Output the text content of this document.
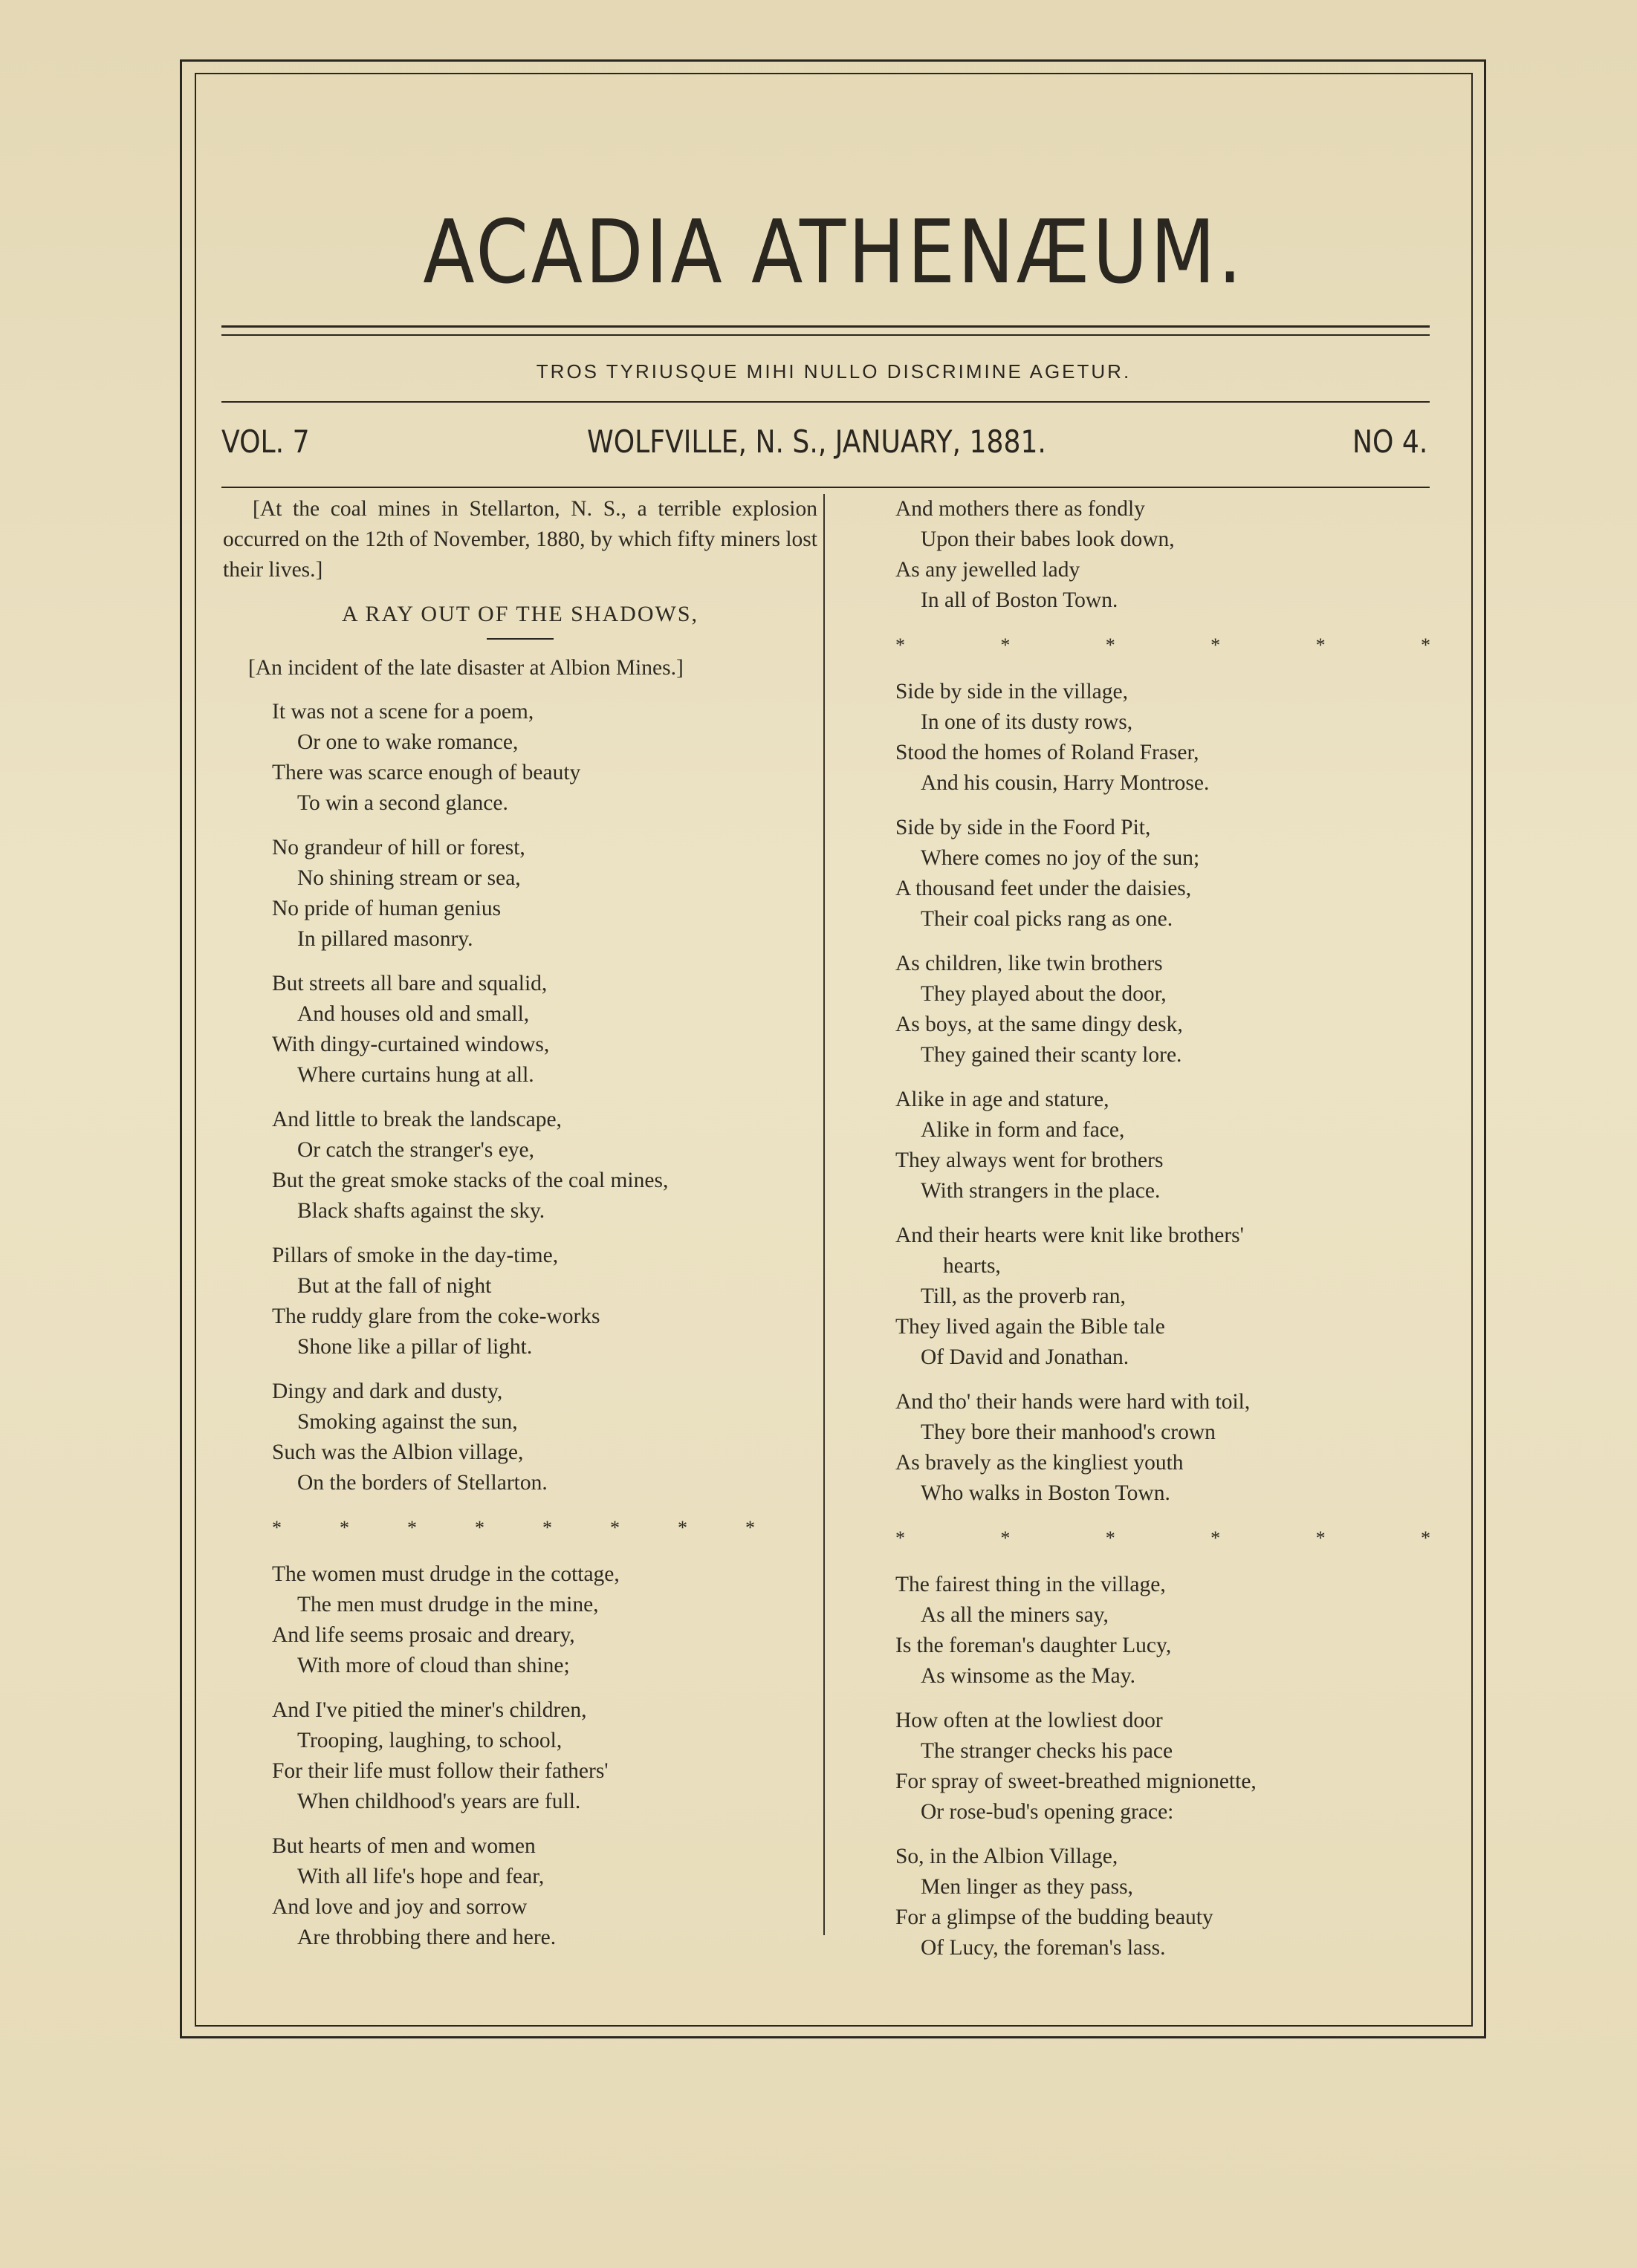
ACADIA ATHENÆUM.
TROS TYRIUSQUE MIHI NULLO DISCRIMINE AGETUR.
VOL. 7	WOLFVILLE, N. S., JANUARY, 1881.	NO 4.

[At the coal mines in Stellarton, N. S., a terrible explosion occurred on the 12th of November, 1880, by which fifty miners lost their lives.]

A RAY OUT OF THE SHADOWS,

[An incident of the late disaster at Albion Mines.]

It was not a scene for a poem,
Or one to wake romance,
There was scarce enough of beauty
To win a second glance.
No grandeur of hill or forest,
No shining stream or sea,
No pride of human genius
In pillared masonry.
But streets all bare and squalid,
And houses old and small,
With dingy-curtained windows,
Where curtains hung at all.
And little to break the landscape,
Or catch the stranger's eye,
But the great smoke stacks of the coal mines,
Black shafts against the sky.
Pillars of smoke in the day-time,
But at the fall of night
The ruddy glare from the coke-works
Shone like a pillar of light.
Dingy and dark and dusty,
Smoking against the sun,
Such was the Albion village,
On the borders of Stellarton.
*	*	*	*	*	*	*	*
The women must drudge in the cottage,
The men must drudge in the mine,
And life seems prosaic and dreary,
With more of cloud than shine;
And I've pitied the miner's children,
Trooping, laughing, to school,
For their life must follow their fathers'
When childhood's years are full.
But hearts of men and women
With all life's hope and fear,
And love and joy and sorrow
Are throbbing there and here.
And mothers there as fondly
Upon their babes look down,
As any jewelled lady
In all of Boston Town.
*	*	*	*	*	*
Side by side in the village,
In one of its dusty rows,
Stood the homes of Roland Fraser,
And his cousin, Harry Montrose.
Side by side in the Foord Pit,
Where comes no joy of the sun;
A thousand feet under the daisies,
Their coal picks rang as one.
As children, like twin brothers
They played about the door,
As boys, at the same dingy desk,
They gained their scanty lore.
Alike in age and stature,
Alike in form and face,
They always went for brothers
With strangers in the place.
And their hearts were knit like brothers'
hearts,
Till, as the proverb ran,
They lived again the Bible tale
Of David and Jonathan.
And tho' their hands were hard with toil,
They bore their manhood's crown
As bravely as the kingliest youth
Who walks in Boston Town.
*	*	*	*	*	*
The fairest thing in the village,
As all the miners say,
Is the foreman's daughter Lucy,
As winsome as the May.
How often at the lowliest door
The stranger checks his pace
For spray of sweet-breathed mignionette,
Or rose-bud's opening grace:
So, in the Albion Village,
Men linger as they pass,
For a glimpse of the budding beauty
Of Lucy, the foreman's lass.
